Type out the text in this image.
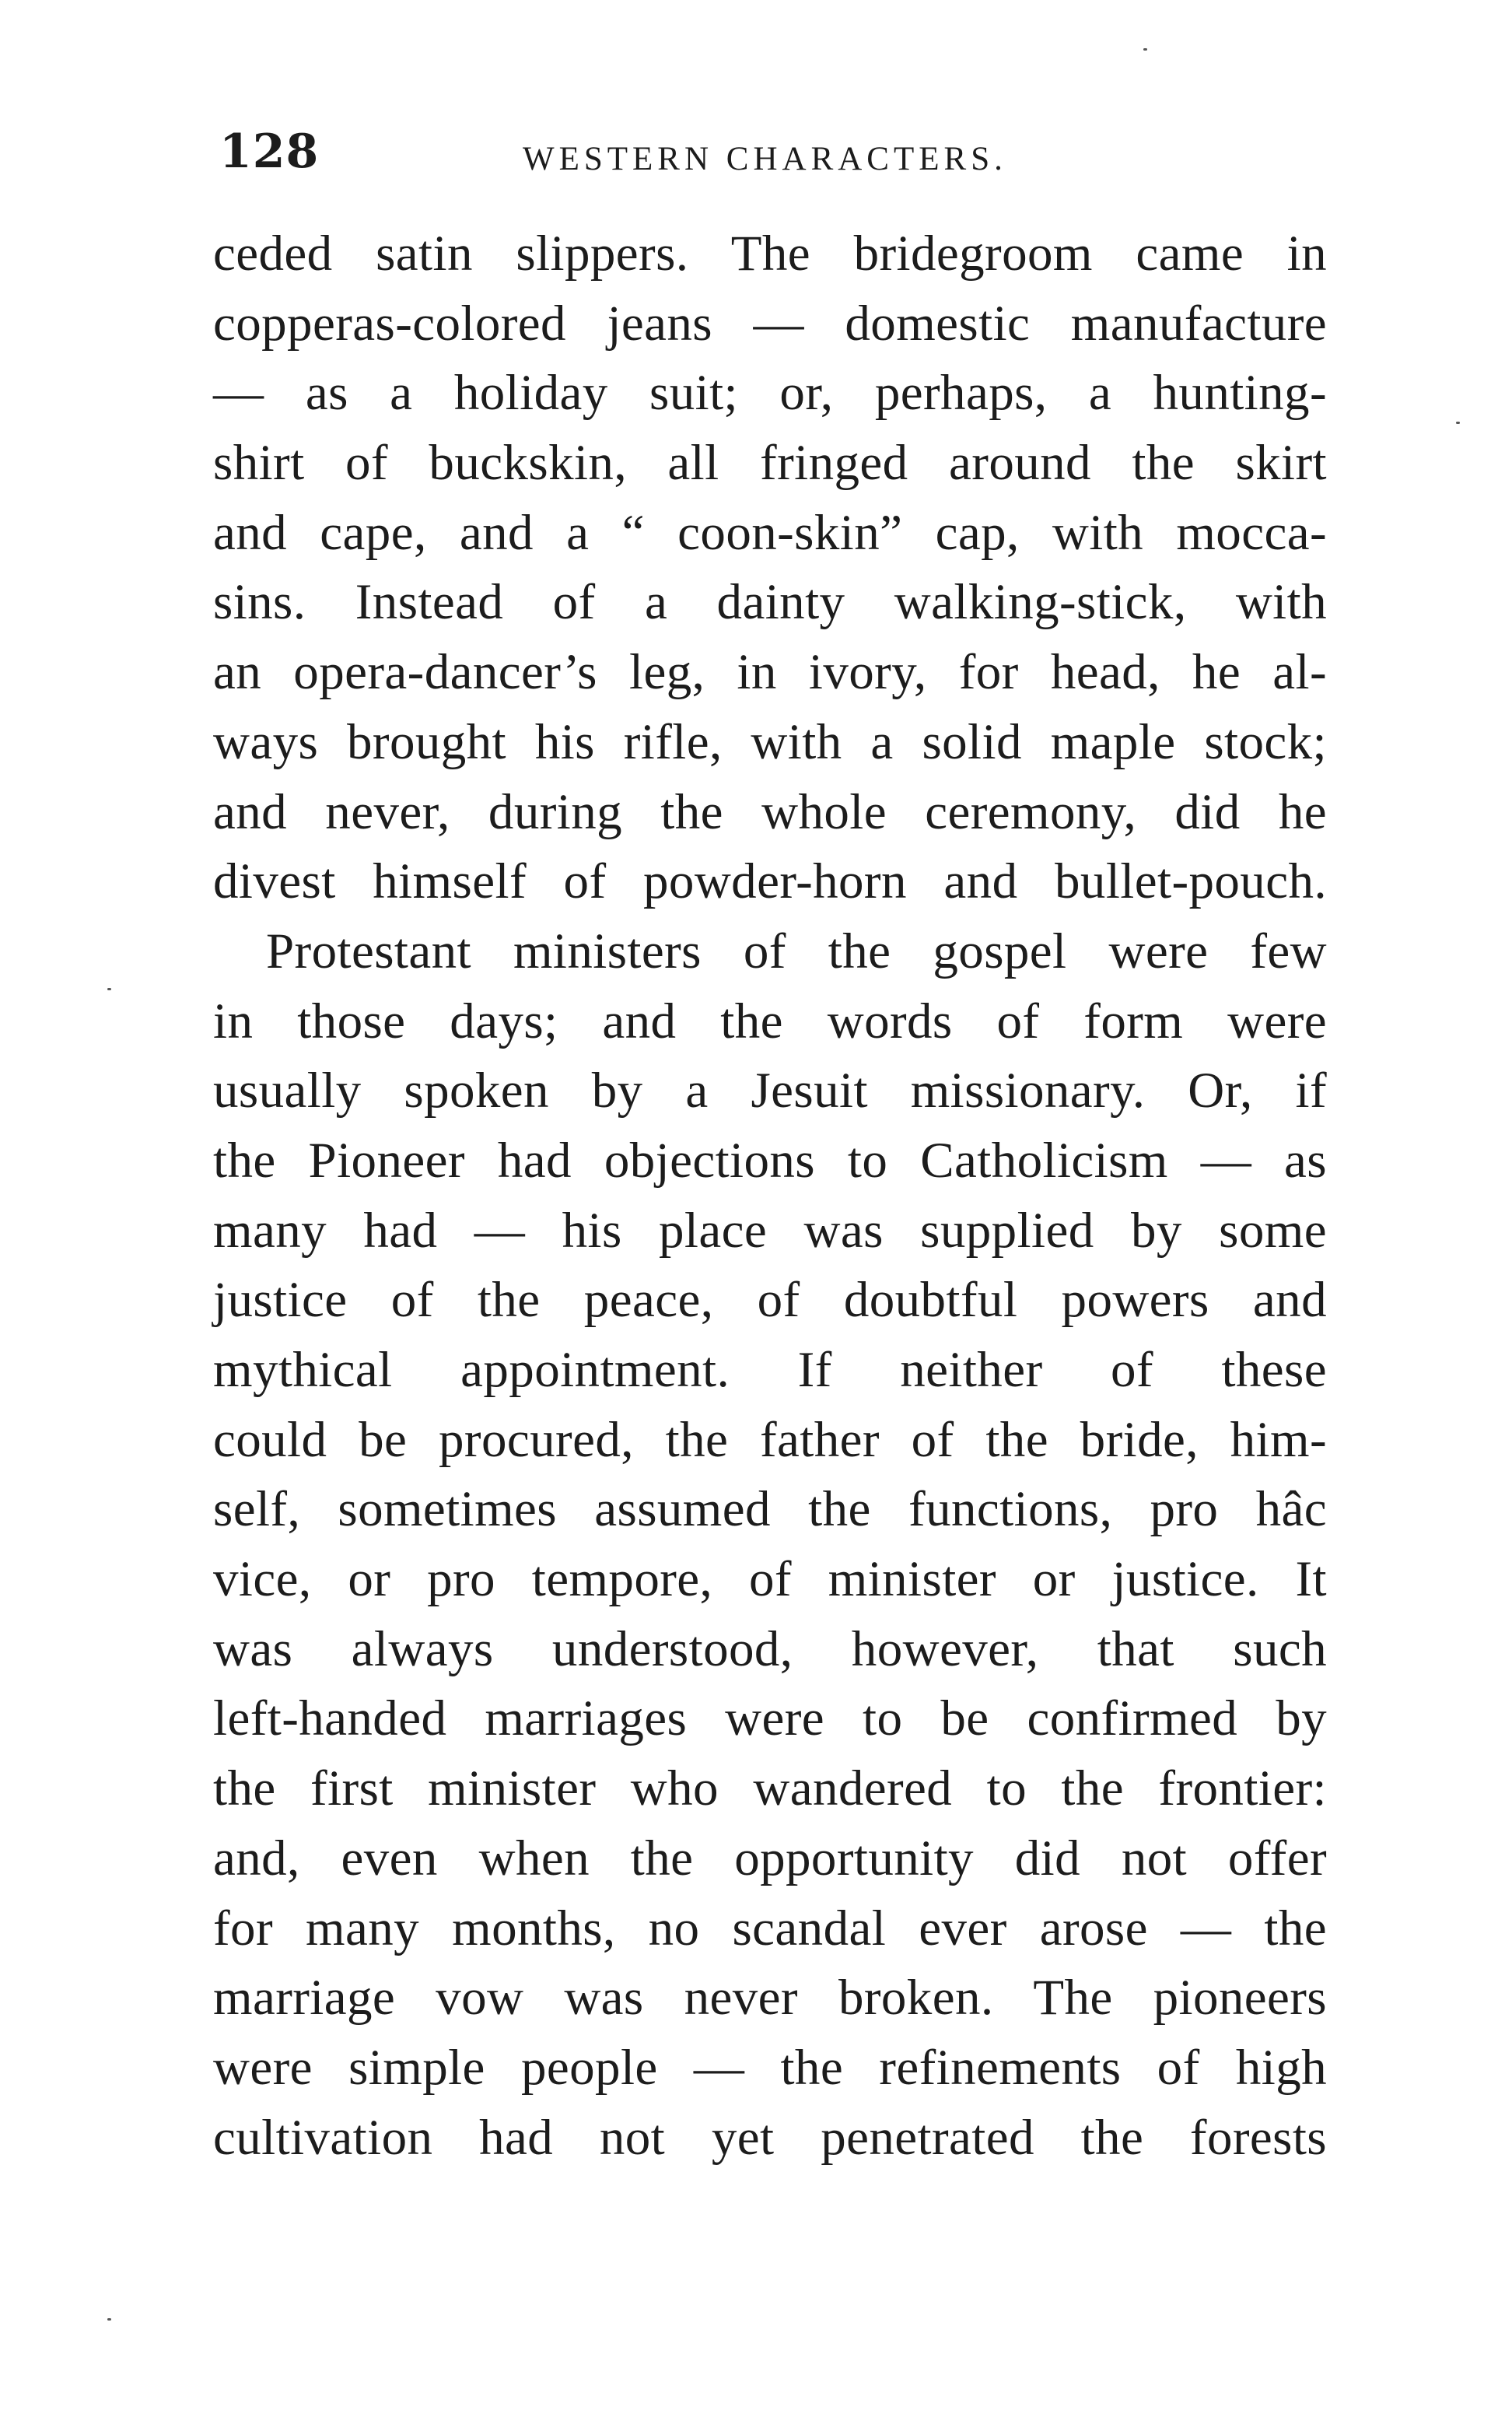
128	WESTERN CHARACTERS.
ceded satin slippers. The bridegroom came in
copperas-colored jeans — domestic manufacture
— as a holiday suit; or, perhaps, a hunting-
shirt of buckskin, all fringed around the skirt
and cape, and a “ coon-skin” cap, with mocca-
sins. Instead of a dainty walking-stick, with
an opera-dancer’s leg, in ivory, for head, he al-
ways brought his rifle, with a solid maple stock;
and never, during the whole ceremony, did he
divest himself of powder-horn and bullet-pouch.
Protestant ministers of the gospel were few
in those days; and the words of form were
usually spoken by a Jesuit missionary. Or, if
the Pioneer had objections to Catholicism — as
many had — his place was supplied by some
justice of the peace, of doubtful powers and
mythical appointment. If neither of these
could be procured, the father of the bride, him-
self, sometimes assumed the functions, pro hâc
vice, or pro tempore, of minister or justice. It
was always understood, however, that such
left-handed marriages were to be confirmed by
the first minister who wandered to the frontier:
and, even when the opportunity did not offer
for many months, no scandal ever arose — the
marriage vow was never broken. The pioneers
were simple people — the refinements of high
cultivation had not yet penetrated the forests
